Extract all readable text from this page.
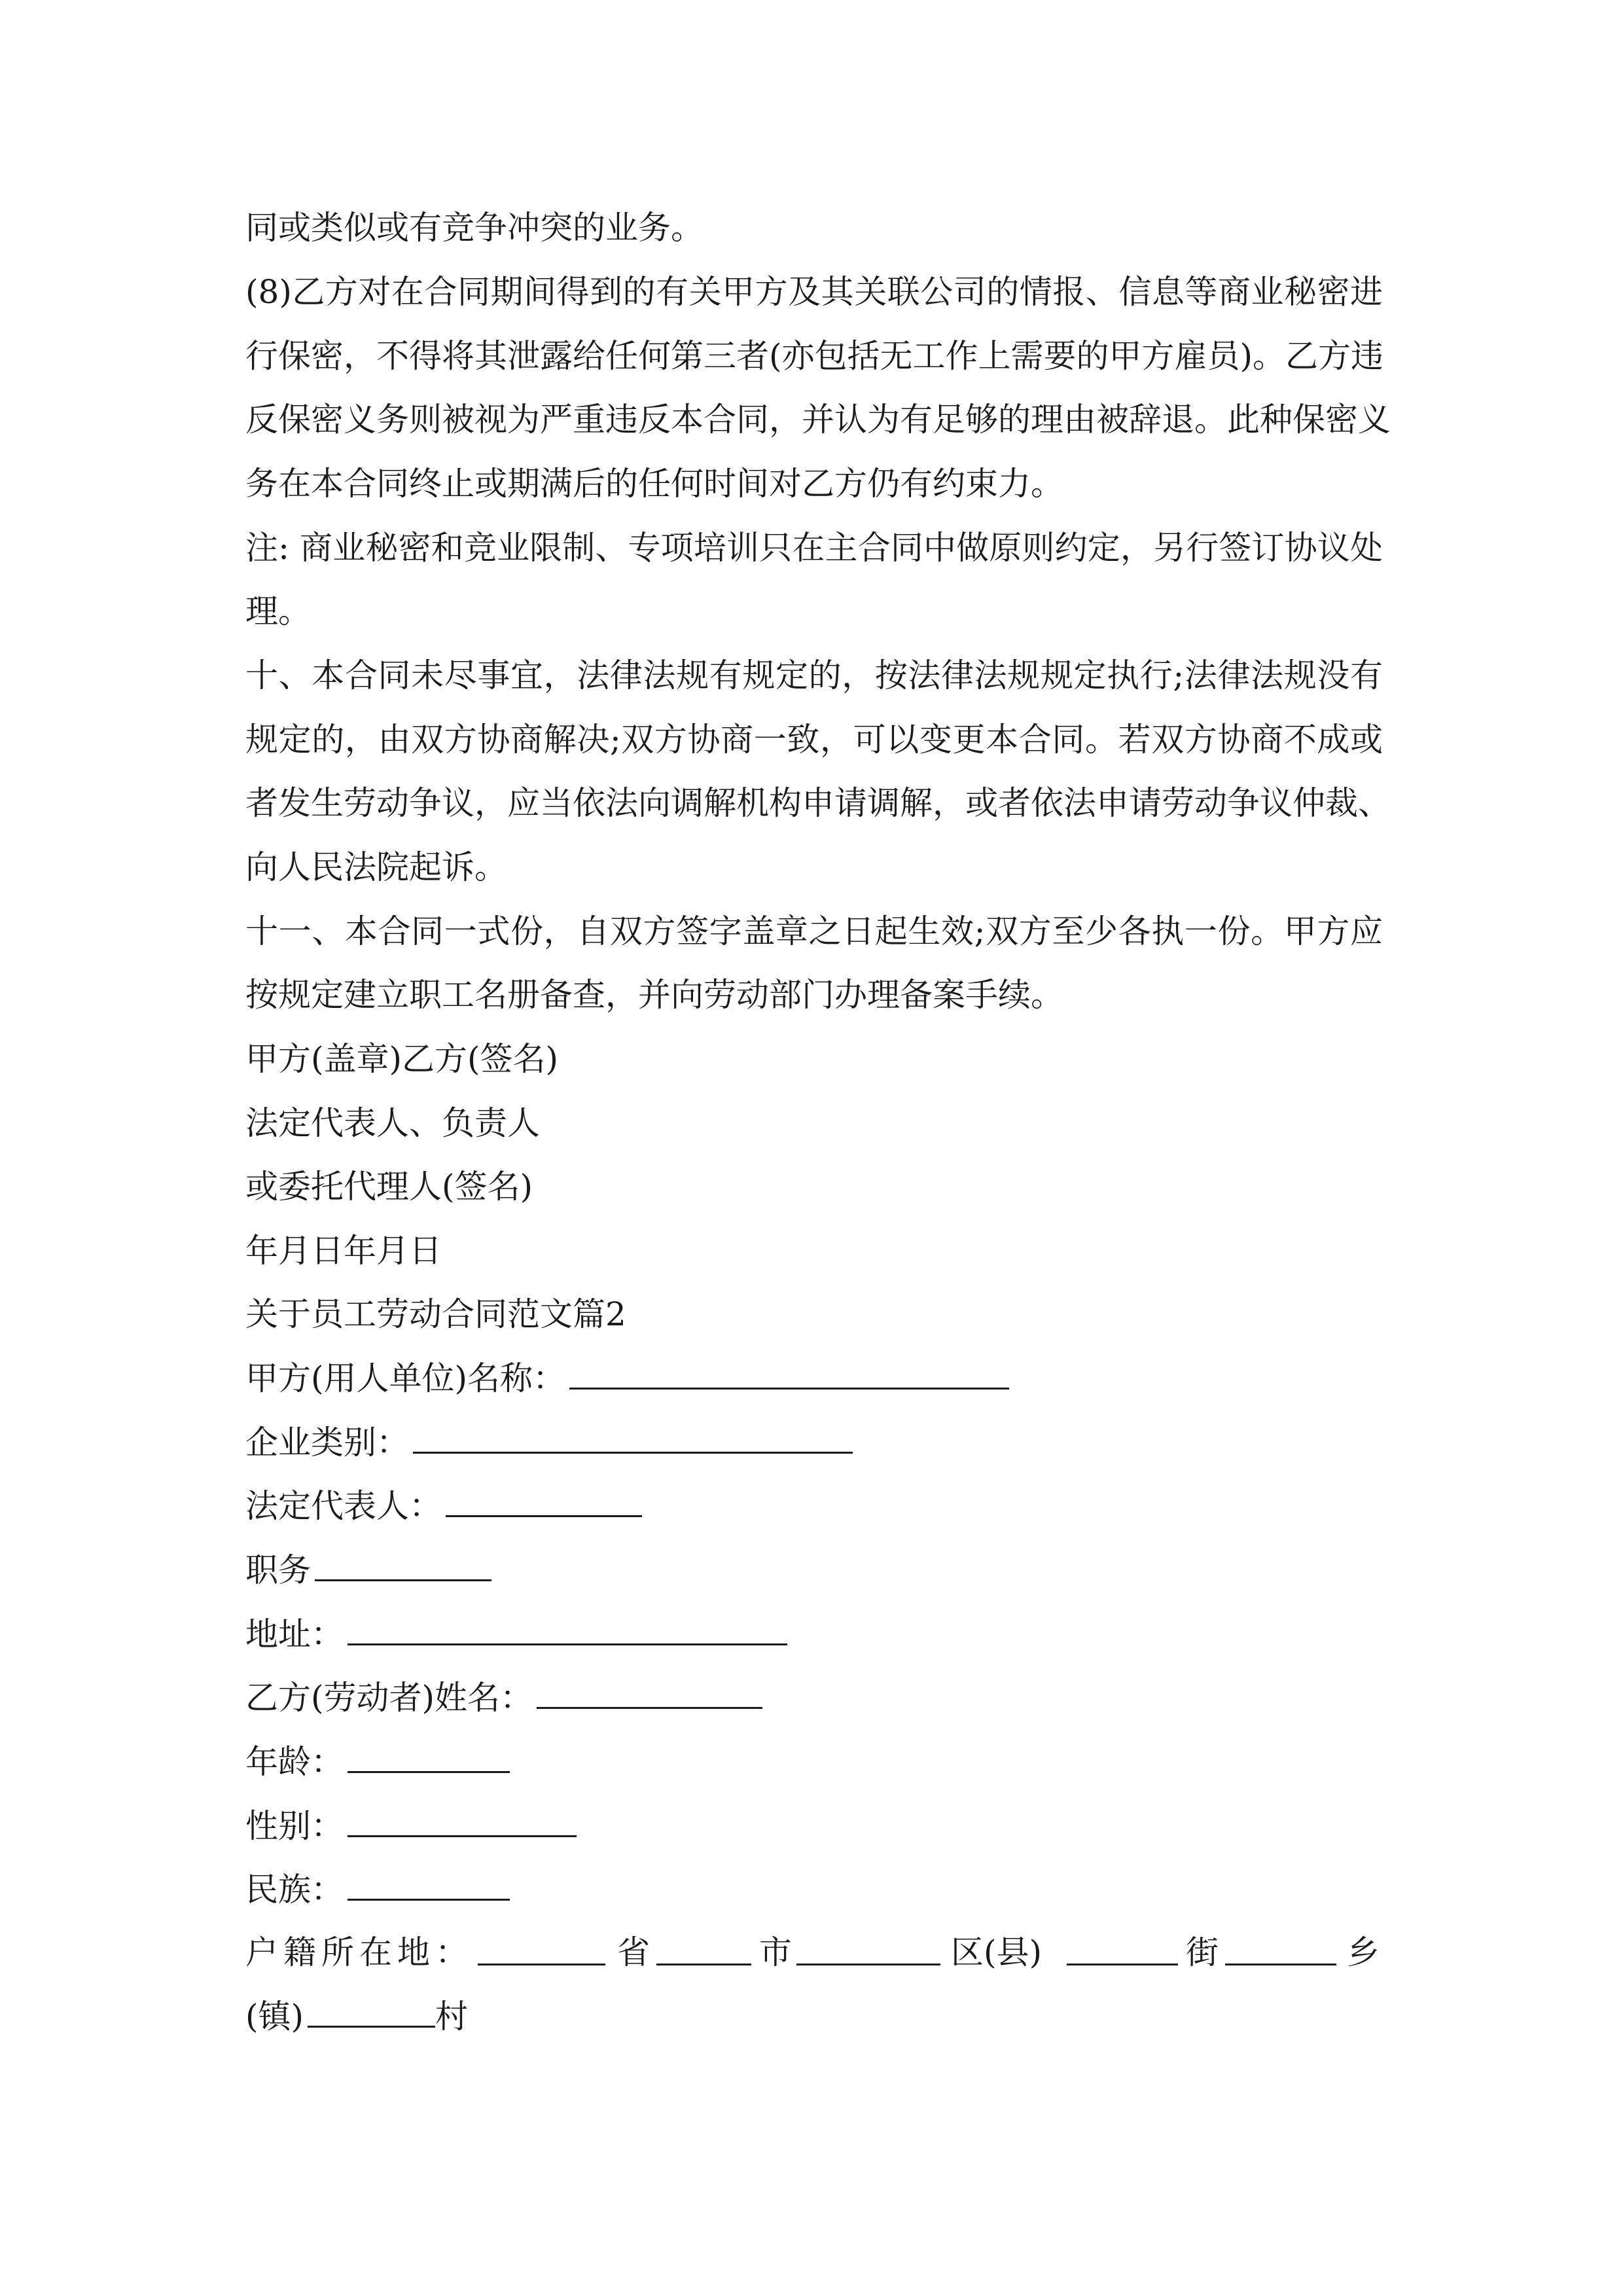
同或类似或有竞争冲突的业务。

(8)乙方对在合同期间得到的有关甲方及其关联公司的情报、信息等商业秘密进

行保密，不得将其泄露给任何第三者(亦包括无工作上需要的甲方雇员)。乙方违

反保密义务则被视为严重违反本合同，并认为有足够的理由被辞退。此种保密义

务在本合同终止或期满后的任何时间对乙方仍有约束力。

注: 商业秘密和竞业限制、专项培训只在主合同中做原则约定，另行签订协议处

理。

十、本合同未尽事宜，法律法规有规定的，按法律法规规定执行;法律法规没有

规定的，由双方协商解决;双方协商一致，可以变更本合同。若双方协商不成或

者发生劳动争议，应当依法向调解机构申请调解，或者依法申请劳动争议仲裁、

向人民法院起诉。

十一、本合同一式份，自双方签字盖章之日起生效;双方至少各执一份。甲方应

按规定建立职工名册备查，并向劳动部门办理备案手续。

甲方(盖章)乙方(签名)

法定代表人、负责人

或委托代理人(签名)

年月日年月日

关于员工劳动合同范文篇2

甲方(用人单位)名称：

企业类别：

法定代表人：

职务

地址：

乙方(劳动者)姓名：

年龄：

性别：

民族：

户籍所在地：	省	市	区(县)	街	乡

(镇)	村
